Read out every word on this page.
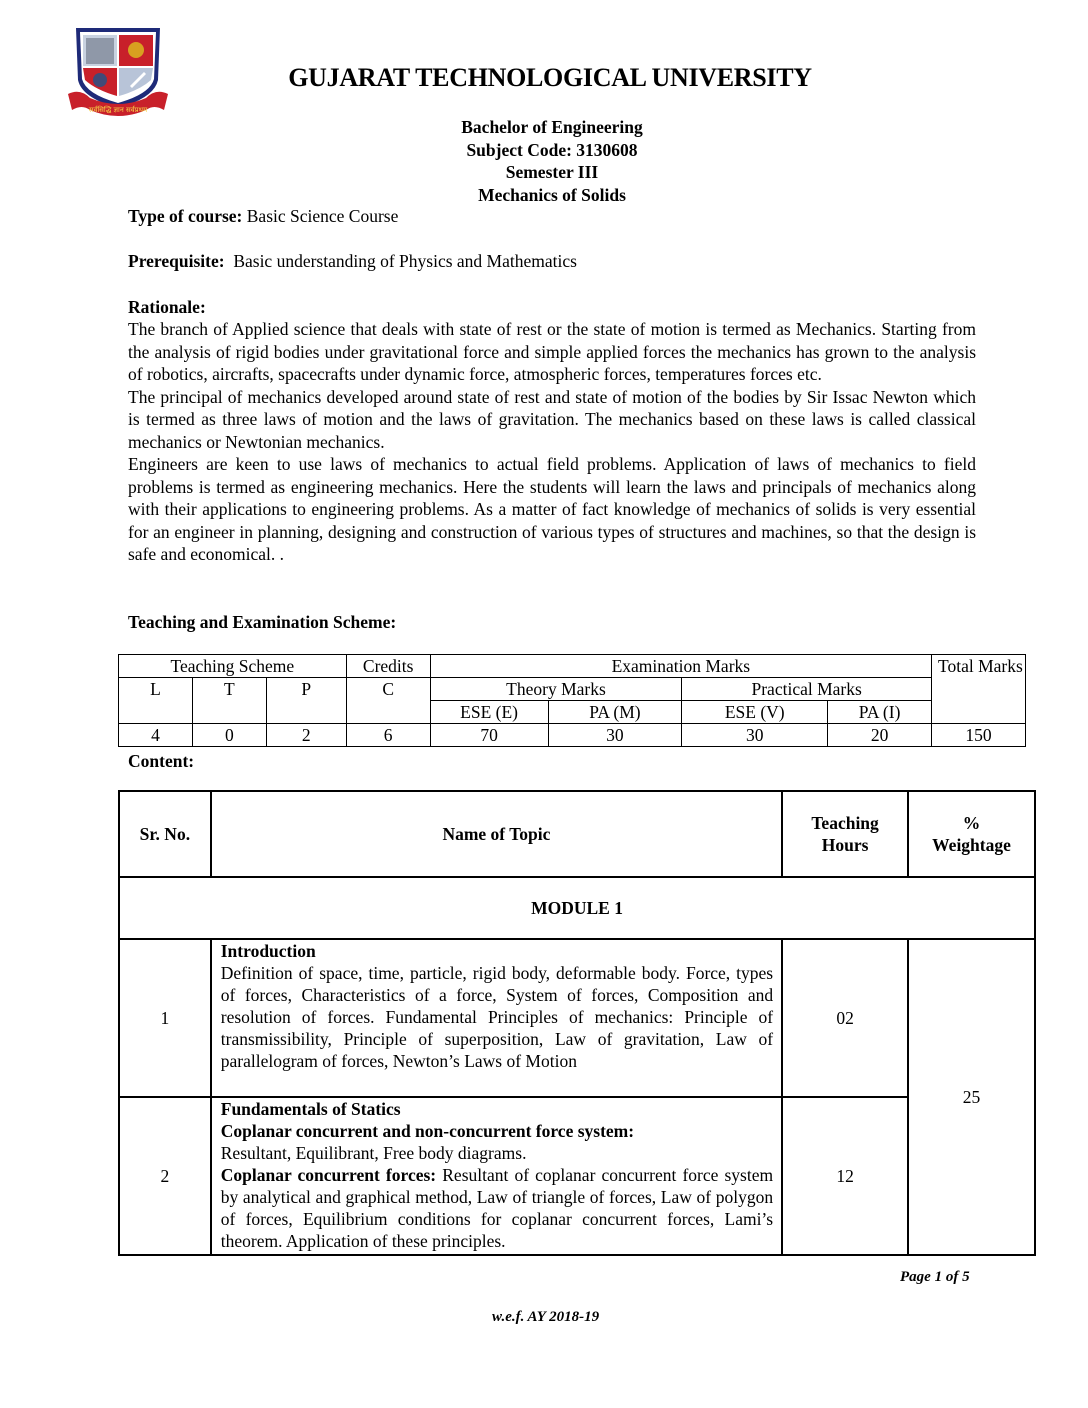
सर्वसिद्धि ज्ञान सर्वप्रथम
GUJARAT TECHNOLOGICAL UNIVERSITY
Bachelor of Engineering
Subject Code: 3130608
Semester III
Mechanics of Solids
Type of course: Basic Science Course
Prerequisite:  Basic understanding of Physics and Mathematics
Rationale:

The branch of Applied science that deals with state of rest or the state of motion is termed as Mechanics. Starting from the analysis of rigid bodies under gravitational force and simple applied forces the mechanics has grown to the analysis of robotics, aircrafts, spacecrafts under dynamic force, atmospheric forces, temperatures forces etc.

The principal of mechanics developed around state of rest and state of motion of the bodies by Sir Issac Newton which is termed as three laws of motion and the laws of gravitation. The mechanics based on these laws is called classical mechanics or Newtonian mechanics.

Engineers are keen to use laws of mechanics to actual field problems. Application of laws of mechanics to field problems is termed as engineering mechanics. Here the students will learn the laws and principals of mechanics along with their applications to engineering problems. As a matter of fact knowledge of mechanics of solids is very essential for an engineer in planning, designing and construction of various types of structures and machines, so that the design is safe and economical. .

Teaching and Examination Scheme:
Teaching Scheme			Credits	Examination Marks				Total Marks
L	T	P	C	Theory Marks		Practical Marks		
				ESE (E)	PA (M)	ESE (V)	PA (I)	
4	0	2	6	70	30	30	20	150
Content:
Sr. No.	Name of Topic	Teaching Hours	% Weightage
MODULE 1			
1	Introduction
Definition of space, time, particle, rigid body, deformable body. Force, types of forces, Characteristics of a force, System of forces, Composition and resolution of forces. Fundamental Principles of mechanics: Principle of transmissibility, Principle of superposition, Law of gravitation, Law of parallelogram of forces, Newton’s Laws of Motion	02	25
2	Fundamentals of Statics
Coplanar concurrent and non-concurrent force system:
Resultant, Equilibrant, Free body diagrams.
Coplanar concurrent forces: Resultant of coplanar concurrent force system by analytical and graphical method, Law of triangle of forces, Law of polygon of forces, Equilibrium conditions for coplanar concurrent forces, Lami’s theorem. Application of these principles.	12	
Page 1 of 5
w.e.f. AY 2018-19
